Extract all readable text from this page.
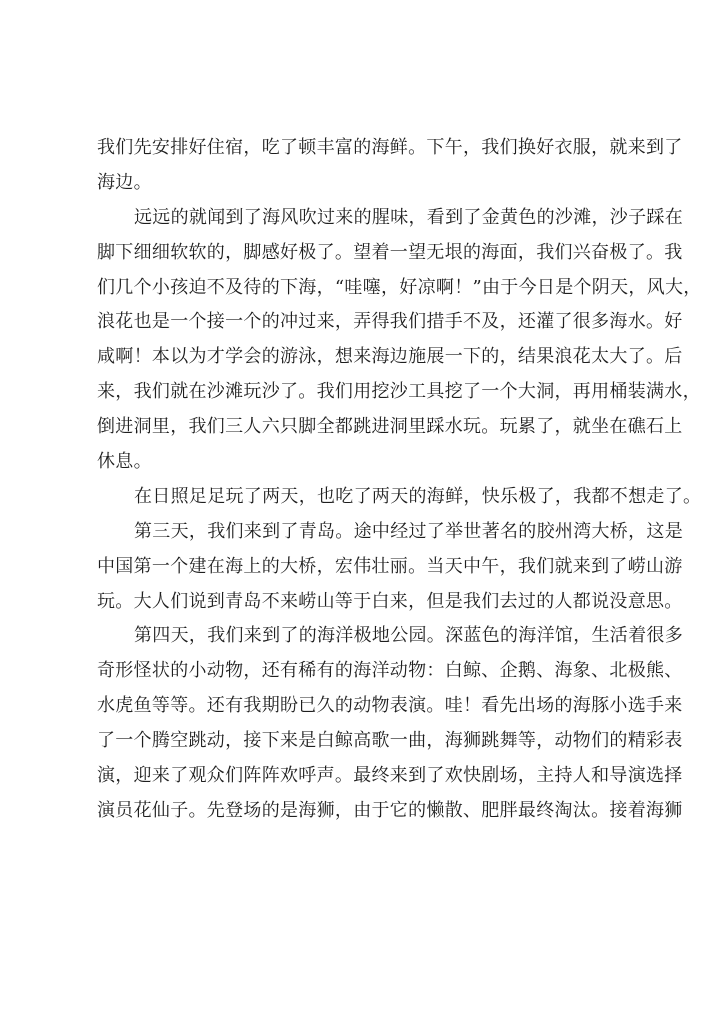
我们先安排好住宿，吃了顿丰富的海鲜。下午，我们换好衣服，就来到了
海边。
远远的就闻到了海风吹过来的腥味，看到了金黄色的沙滩，沙子踩在
脚下细细软软的，脚感好极了。望着一望无垠的海面，我们兴奋极了。我
们几个小孩迫不及待的下海，“哇噻，好凉啊！”由于今日是个阴天，风大，
浪花也是一个接一个的冲过来，弄得我们措手不及，还灌了很多海水。好
咸啊！本以为才学会的游泳，想来海边施展一下的，结果浪花太大了。后
来，我们就在沙滩玩沙了。我们用挖沙工具挖了一个大洞，再用桶装满水，
倒进洞里，我们三人六只脚全都跳进洞里踩水玩。玩累了，就坐在礁石上
休息。
在日照足足玩了两天，也吃了两天的海鲜，快乐极了，我都不想走了。
第三天，我们来到了青岛。途中经过了举世著名的胶州湾大桥，这是
中国第一个建在海上的大桥，宏伟壮丽。当天中午，我们就来到了崂山游
玩。大人们说到青岛不来崂山等于白来，但是我们去过的人都说没意思。
第四天，我们来到了的海洋极地公园。深蓝色的海洋馆，生活着很多
奇形怪状的小动物，还有稀有的海洋动物：白鲸、企鹅、海象、北极熊、
水虎鱼等等。还有我期盼已久的动物表演。哇！看先出场的海豚小选手来
了一个腾空跳动，接下来是白鲸高歌一曲，海狮跳舞等，动物们的精彩表
演，迎来了观众们阵阵欢呼声。最终来到了欢快剧场，主持人和导演选择
演员花仙子。先登场的是海狮，由于它的懒散、肥胖最终淘汰。接着海狮
